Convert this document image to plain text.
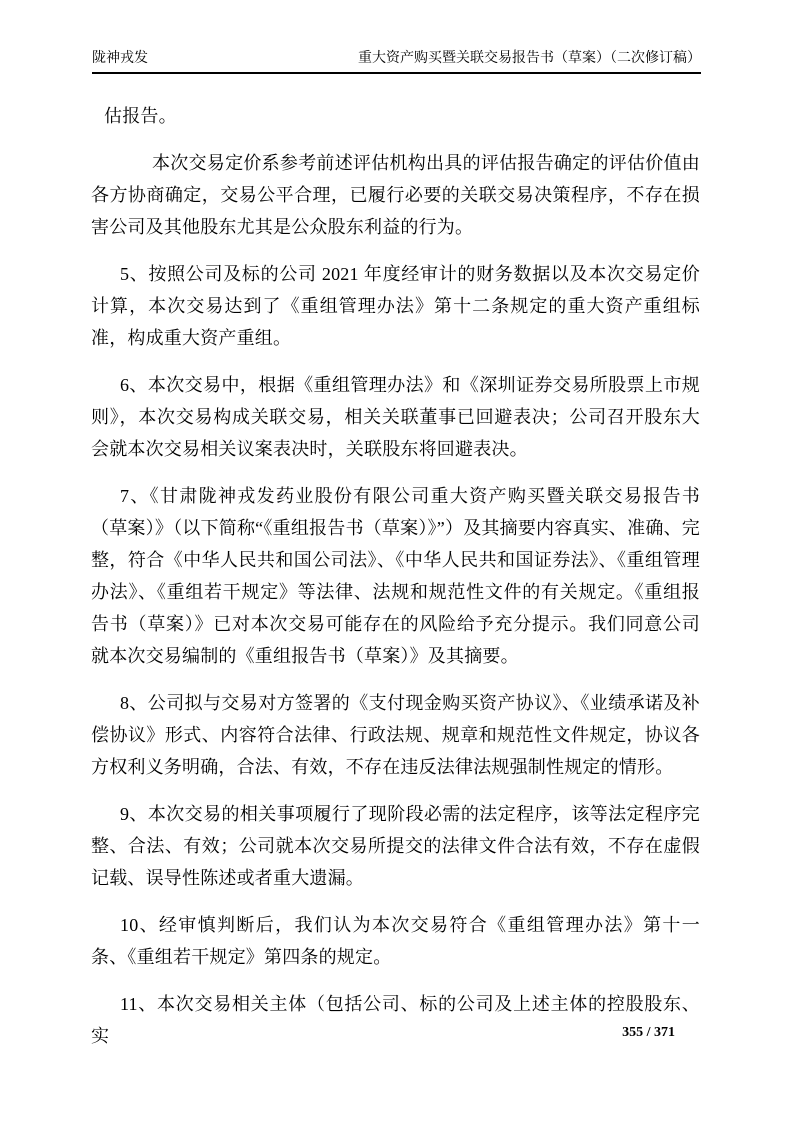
陇神戎发	重大资产购买暨关联交易报告书（草案）（二次修订稿）

估报告。

本次交易定价系参考前述评估机构出具的评估报告确定的评估价值由各方协商确定，交易公平合理，已履行必要的关联交易决策程序，不存在损害公司及其他股东尤其是公众股东利益的行为。

5、按照公司及标的公司 2021 年度经审计的财务数据以及本次交易定价计算，本次交易达到了《重组管理办法》第十二条规定的重大资产重组标准，构成重大资产重组。

6、本次交易中，根据《重组管理办法》和《深圳证券交易所股票上市规则》，本次交易构成关联交易，相关关联董事已回避表决；公司召开股东大会就本次交易相关议案表决时，关联股东将回避表决。

7、《甘肃陇神戎发药业股份有限公司重大资产购买暨关联交易报告书（草案）》（以下简称“《重组报告书（草案）》”）及其摘要内容真实、准确、完整，符合《中华人民共和国公司法》、《中华人民共和国证券法》、《重组管理办法》、《重组若干规定》等法律、法规和规范性文件的有关规定。《重组报告书（草案）》已对本次交易可能存在的风险给予充分提示。我们同意公司就本次交易编制的《重组报告书（草案）》及其摘要。

8、公司拟与交易对方签署的《支付现金购买资产协议》、《业绩承诺及补偿协议》形式、内容符合法律、行政法规、规章和规范性文件规定，协议各方权利义务明确，合法、有效，不存在违反法律法规强制性规定的情形。

9、本次交易的相关事项履行了现阶段必需的法定程序，该等法定程序完整、合法、有效；公司就本次交易所提交的法律文件合法有效，不存在虚假记载、误导性陈述或者重大遗漏。

10、经审慎判断后，我们认为本次交易符合《重组管理办法》第十一条、《重组若干规定》第四条的规定。

11、本次交易相关主体（包括公司、标的公司及上述主体的控股股东、实	355 / 371
